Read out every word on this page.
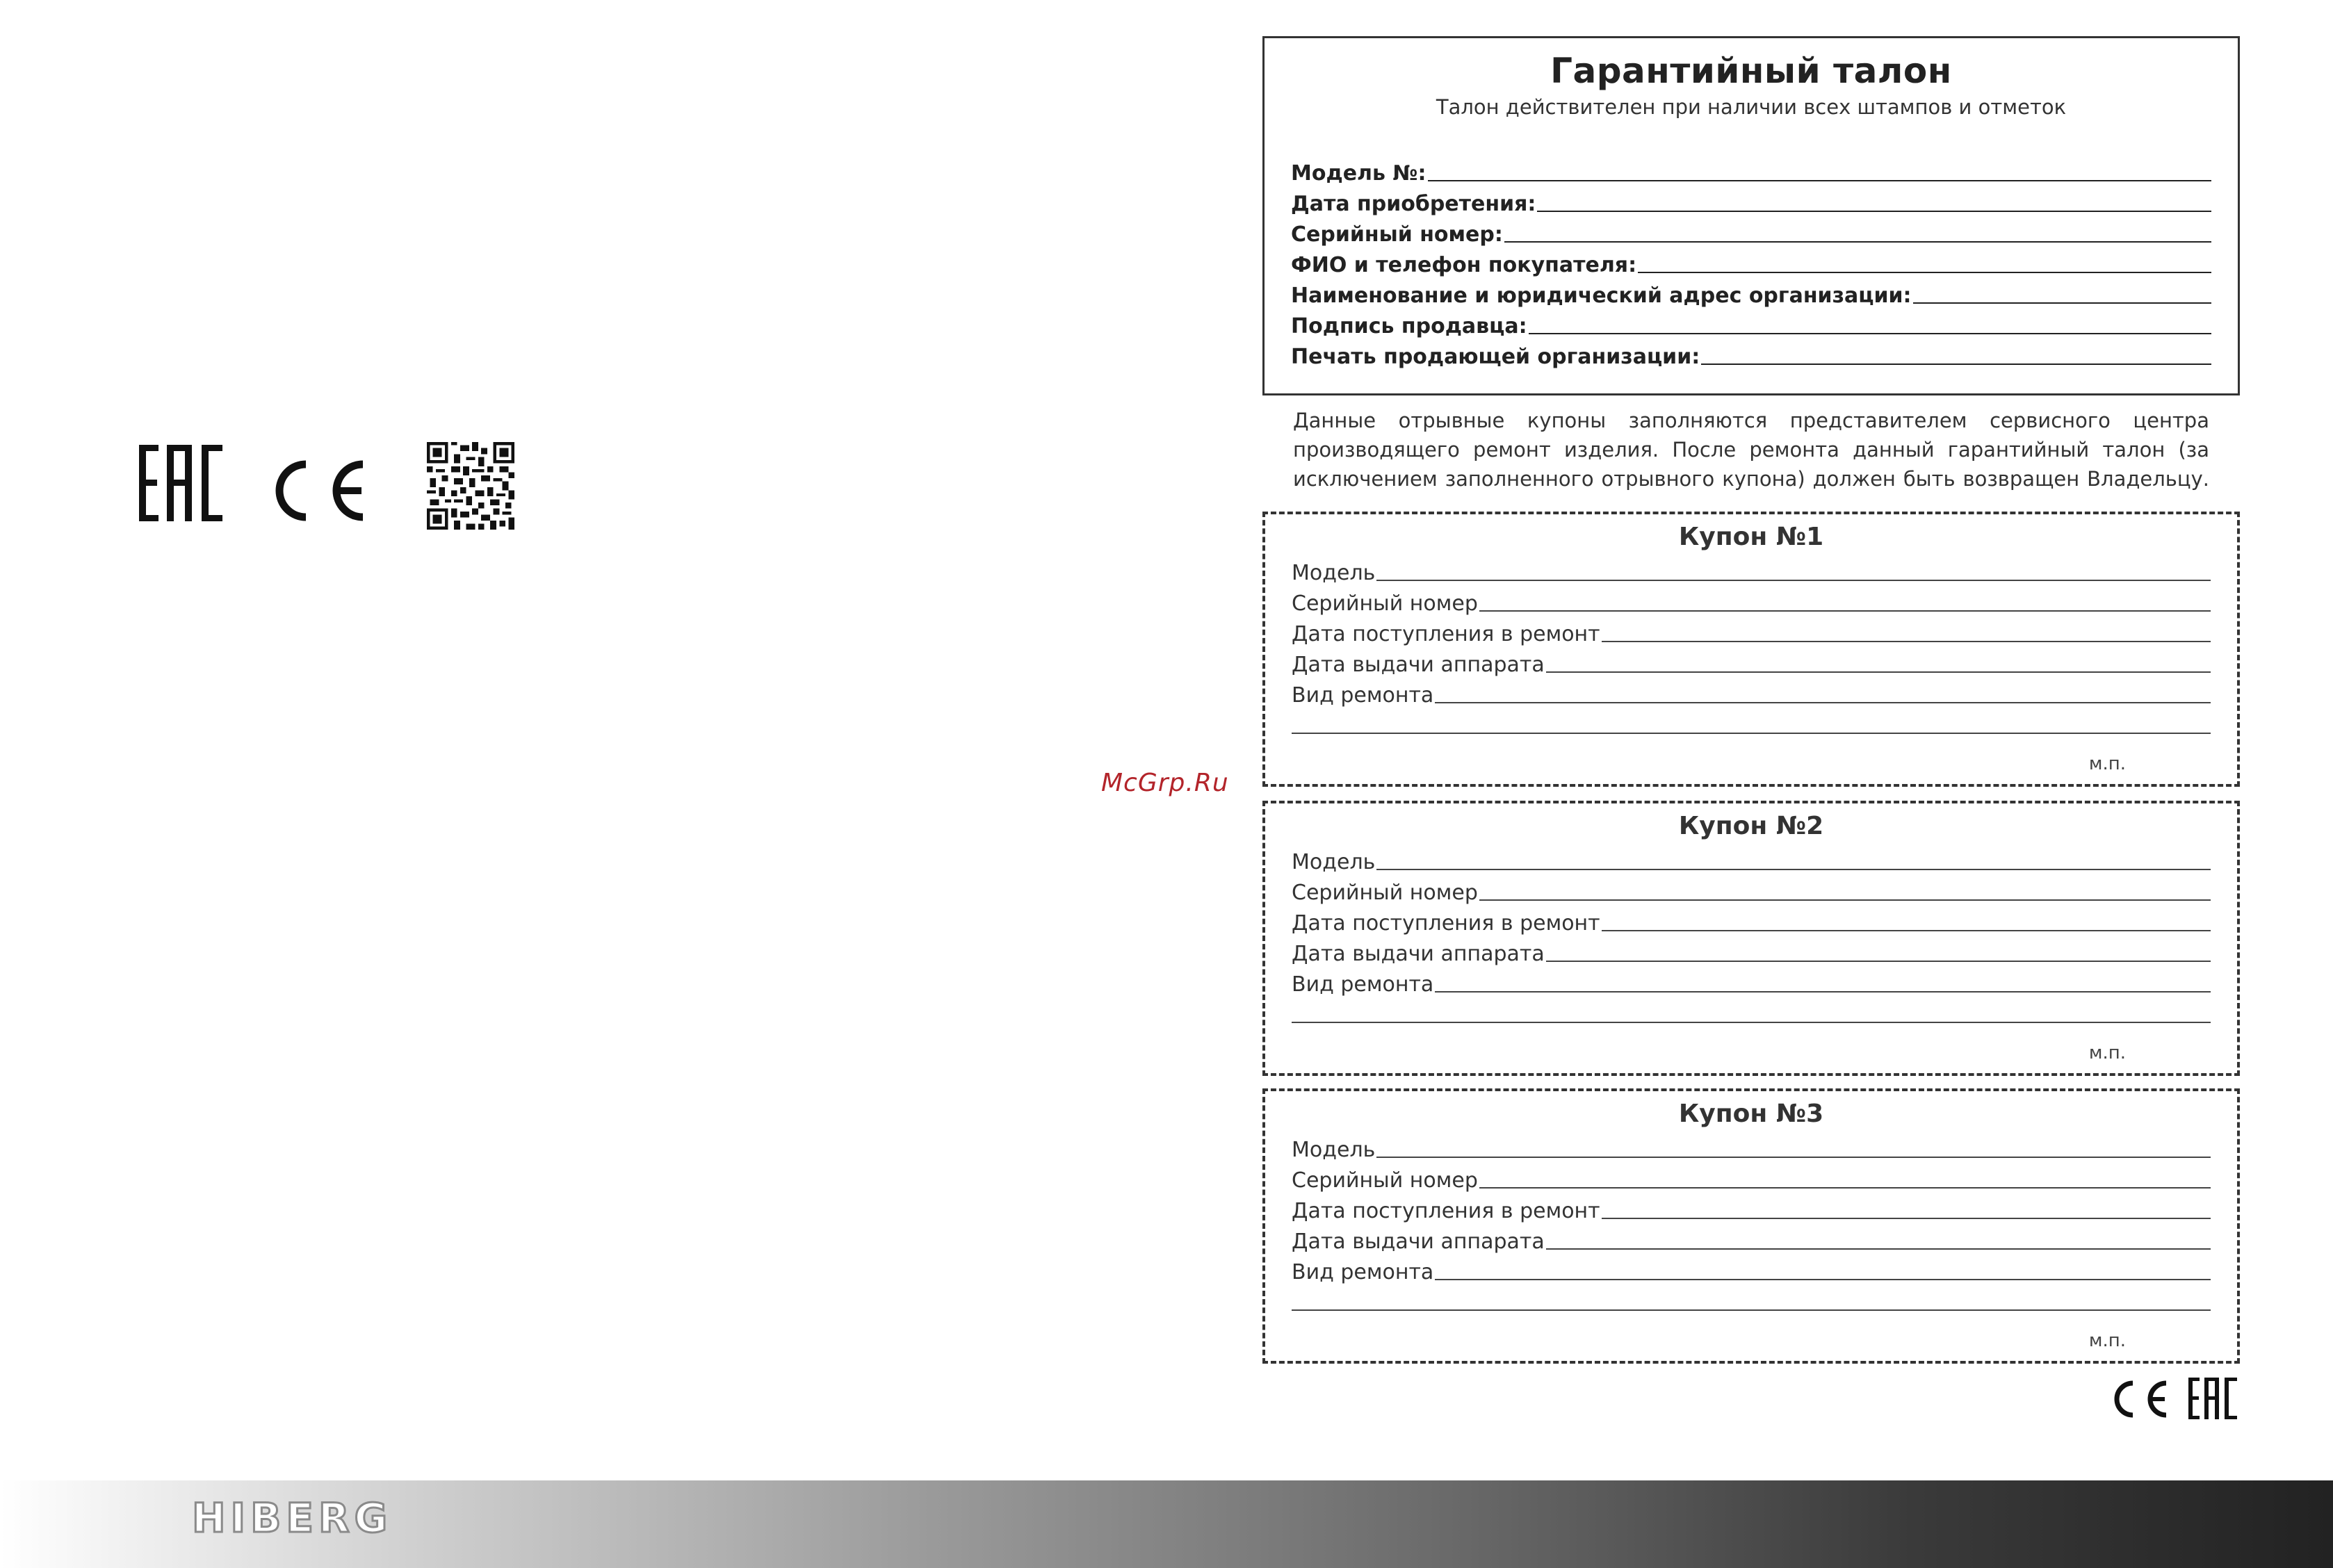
Гарантийный талон
Талон действителен при наличии всех штампов и отметок
Модель №:
Дата приобретения:
Серийный номер:
ФИО и телефон покупателя:
Наименование и юридический адрес организации:
Подпись продавца:
Печать продающей организации:
Данные отрывные купоны заполняются представителем сервисного центра производящего ремонт изделия. После ремонта данный гарантийный талон (за исключением заполненного отрывного купона) должен быть возвращен Владельцу.
Купон №1
Модель
Серийный номер
Дата поступления в ремонт
Дата выдачи аппарата
Вид ремонта
м.п.
Купон №2
Модель
Серийный номер
Дата поступления в ремонт
Дата выдачи аппарата
Вид ремонта
м.п.
Купон №3
Модель
Серийный номер
Дата поступления в ремонт
Дата выдачи аппарата
Вид ремонта
м.п.
McGrp.Ru
HIBERG
